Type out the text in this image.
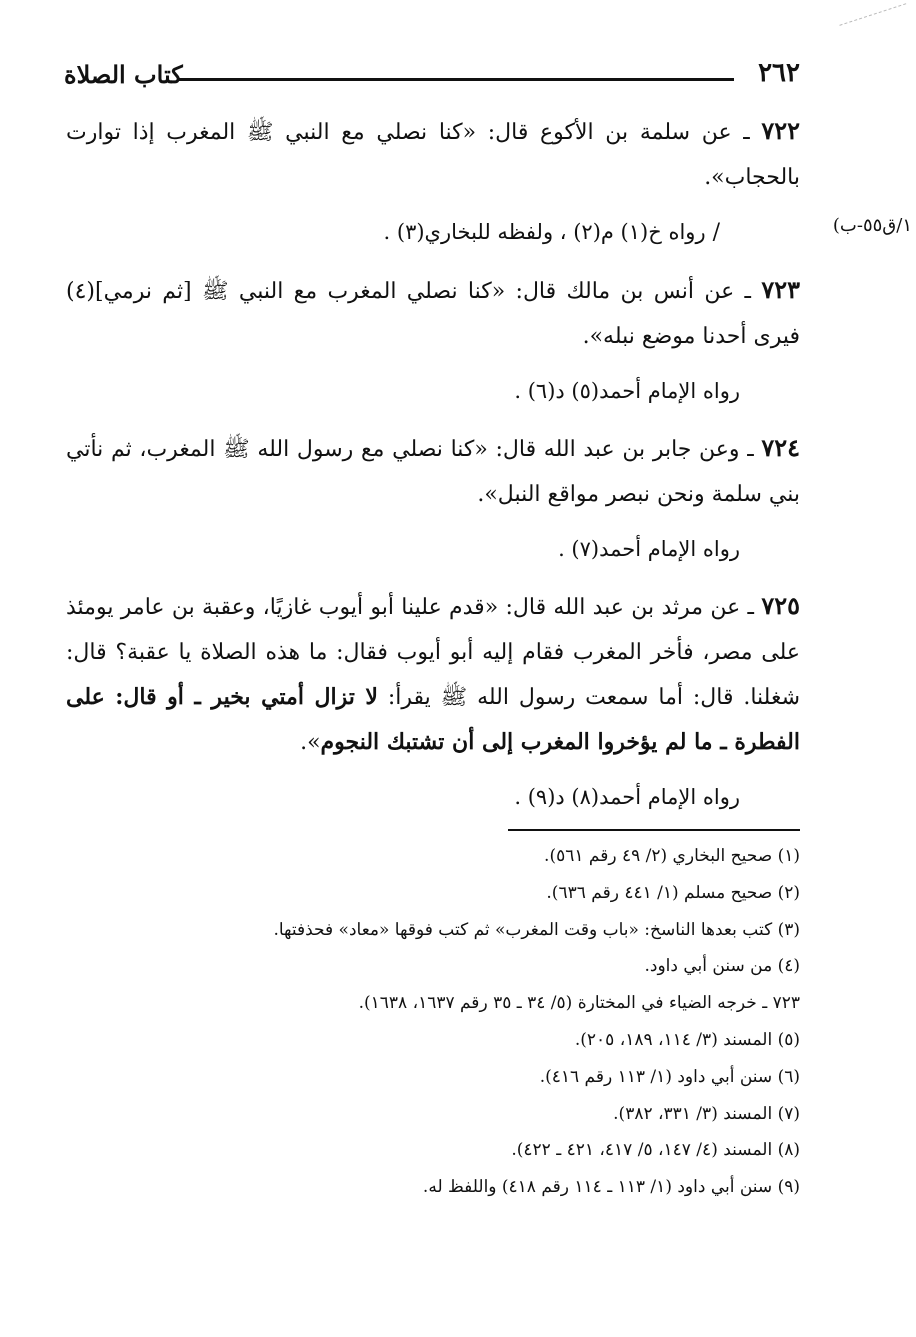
٢٦٢
كتاب الصلاة
١/ق٥٥-ب)

٧٢٢ ـ عن سلمة بن الأكوع قال: «كنا نصلي مع النبي ﷺ المغرب إذا توارت بالحجاب».

/ رواه خ(١) م(٢) ، ولفظه للبخاري(٣) .

٧٢٣ ـ عن أنس بن مالك قال: «كنا نصلي المغرب مع النبي ﷺ [ثم نرمي](٤) فيرى أحدنا موضع نبله».

رواه الإمام أحمد(٥) د(٦) .

٧٢٤ ـ وعن جابر بن عبد الله قال: «كنا نصلي مع رسول الله ﷺ المغرب، ثم نأتي بني سلمة ونحن نبصر مواقع النبل».

رواه الإمام أحمد(٧) .

٧٢٥ ـ عن مرثد بن عبد الله قال: «قدم علينا أبو أيوب غازيًا، وعقبة بن عامر يومئذ على مصر، فأخر المغرب فقام إليه أبو أيوب فقال: ما هذه الصلاة يا عقبة؟ قال: شغلنا. قال: أما سمعت رسول الله ﷺ يقرأ: لا تزال أمتي بخير ـ أو قال: على الفطرة ـ ما لم يؤخروا المغرب إلى أن تشتبك النجوم».

رواه الإمام أحمد(٨) د(٩) .

(١) صحيح البخاري (٢/ ٤٩ رقم ٥٦١).

(٢) صحيح مسلم (١/ ٤٤١ رقم ٦٣٦).

(٣) كتب بعدها الناسخ: «باب وقت المغرب» ثم كتب فوقها «معاد» فحذفتها.

(٤) من سنن أبي داود.

٧٢٣ ـ خرجه الضياء في المختارة (٥/ ٣٤ ـ ٣٥ رقم ١٦٣٧، ١٦٣٨).

(٥) المسند (٣/ ١١٤، ١٨٩، ٢٠٥).

(٦) سنن أبي داود (١/ ١١٣ رقم ٤١٦).

(٧) المسند (٣/ ٣٣١، ٣٨٢).

(٨) المسند (٤/ ١٤٧، ٥/ ٤١٧، ٤٢١ ـ ٤٢٢).

(٩) سنن أبي داود (١/ ١١٣ ـ ١١٤ رقم ٤١٨) واللفظ له.
